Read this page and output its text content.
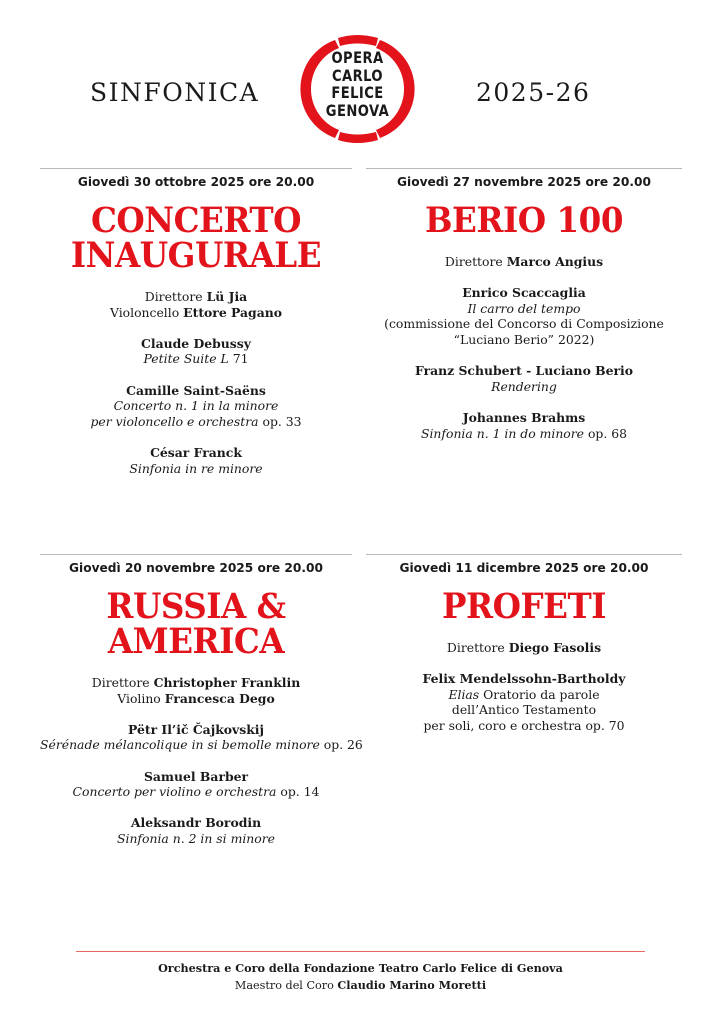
SINFONICA	2025-26
OPERA
CARLO
FELICE
GENOVA
Giovedì 30 ottobre 2025 ore 20.00
CONCERTO
INAUGURALE
Direttore Lü Jia
Violoncello Ettore Pagano
Claude Debussy
Petite Suite L 71
Camille Saint-Saëns
Concerto n. 1 in la minore
per violoncello e orchestra op. 33
César Franck
Sinfonia in re minore
Giovedì 27 novembre 2025 ore 20.00
BERIO 100
Direttore Marco Angius
Enrico Scaccaglia
Il carro del tempo
(commissione del Concorso di Composizione
“Luciano Berio” 2022)
Franz Schubert - Luciano Berio
Rendering
Johannes Brahms
Sinfonia n. 1 in do minore op. 68
Giovedì 20 novembre 2025 ore 20.00
RUSSIA &
AMERICA
Direttore Christopher Franklin
Violino Francesca Dego
Pëtr Il’ič Čajkovskij
Sérénade mélancolique in si bemolle minore op. 26
Samuel Barber
Concerto per violino e orchestra op. 14
Aleksandr Borodin
Sinfonia n. 2 in si minore
Giovedì 11 dicembre 2025 ore 20.00
PROFETI
Direttore Diego Fasolis
Felix Mendelssohn-Bartholdy
Elias Oratorio da parole
dell’Antico Testamento
per soli, coro e orchestra op. 70
Orchestra e Coro della Fondazione Teatro Carlo Felice di Genova
Maestro del Coro Claudio Marino Moretti
